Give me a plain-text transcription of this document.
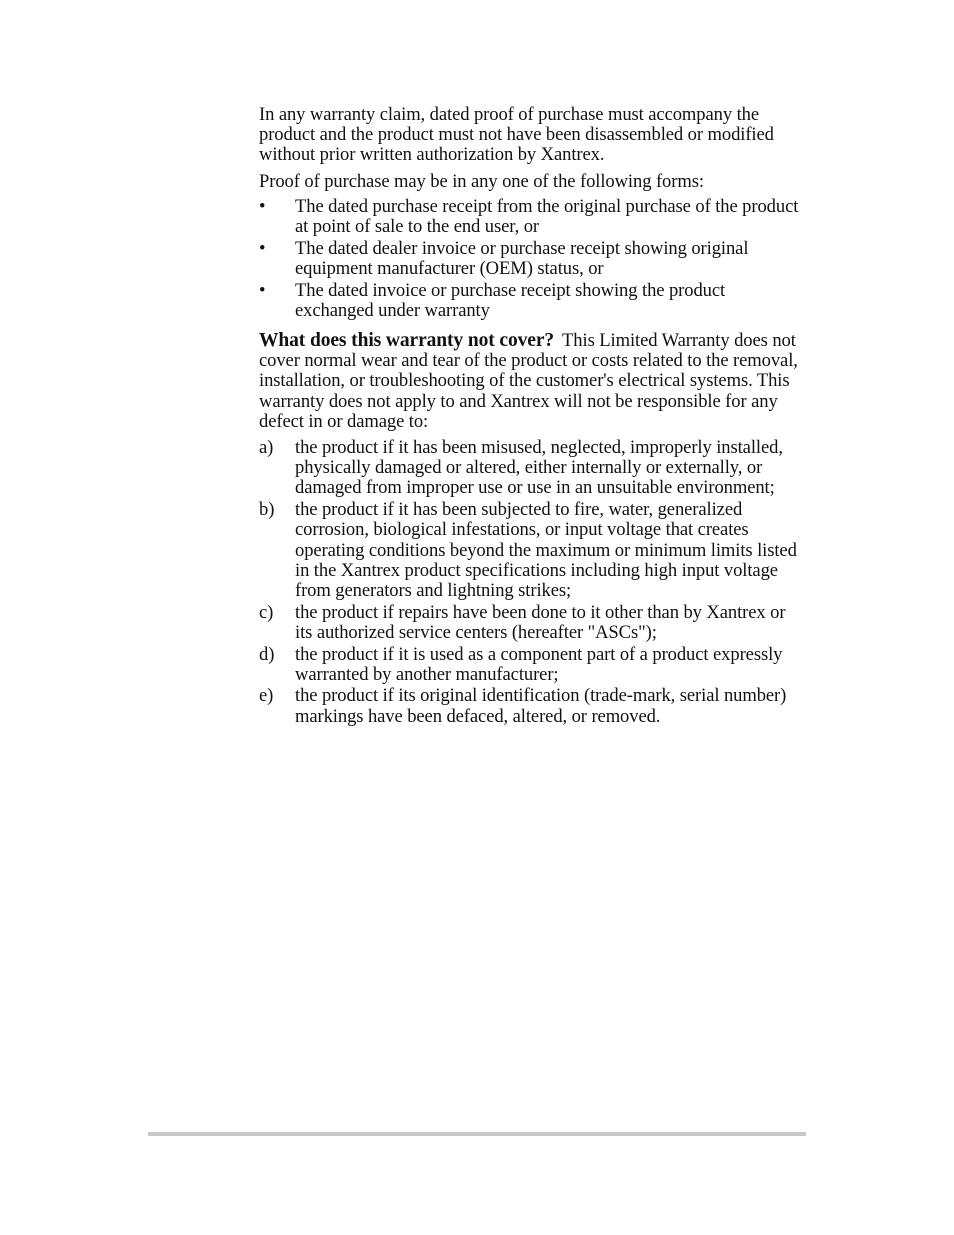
In any warranty claim, dated proof of purchase must accompany the product and the product must not have been disassembled or modified without prior written authorization by Xantrex.

Proof of purchase may be in any one of the following forms:

• The dated purchase receipt from the original purchase of the product at point of sale to the end user, or
• The dated dealer invoice or purchase receipt showing original equipment manufacturer (OEM) status, or
• The dated invoice or purchase receipt showing the product exchanged under warranty

What does this warranty not cover? This Limited Warranty does not cover normal wear and tear of the product or costs related to the removal, installation, or troubleshooting of the customer's electrical systems. This warranty does not apply to and Xantrex will not be responsible for any defect in or damage to:

a) the product if it has been misused, neglected, improperly installed, physically damaged or altered, either internally or externally, or damaged from improper use or use in an unsuitable environment;
b) the product if it has been subjected to fire, water, generalized corrosion, biological infestations, or input voltage that creates operating conditions beyond the maximum or minimum limits listed in the Xantrex product specifications including high input voltage from generators and lightning strikes;
c) the product if repairs have been done to it other than by Xantrex or its authorized service centers (hereafter "ASCs");
d) the product if it is used as a component part of a product expressly warranted by another manufacturer;
e) the product if its original identification (trade-mark, serial number) markings have been defaced, altered, or removed.
